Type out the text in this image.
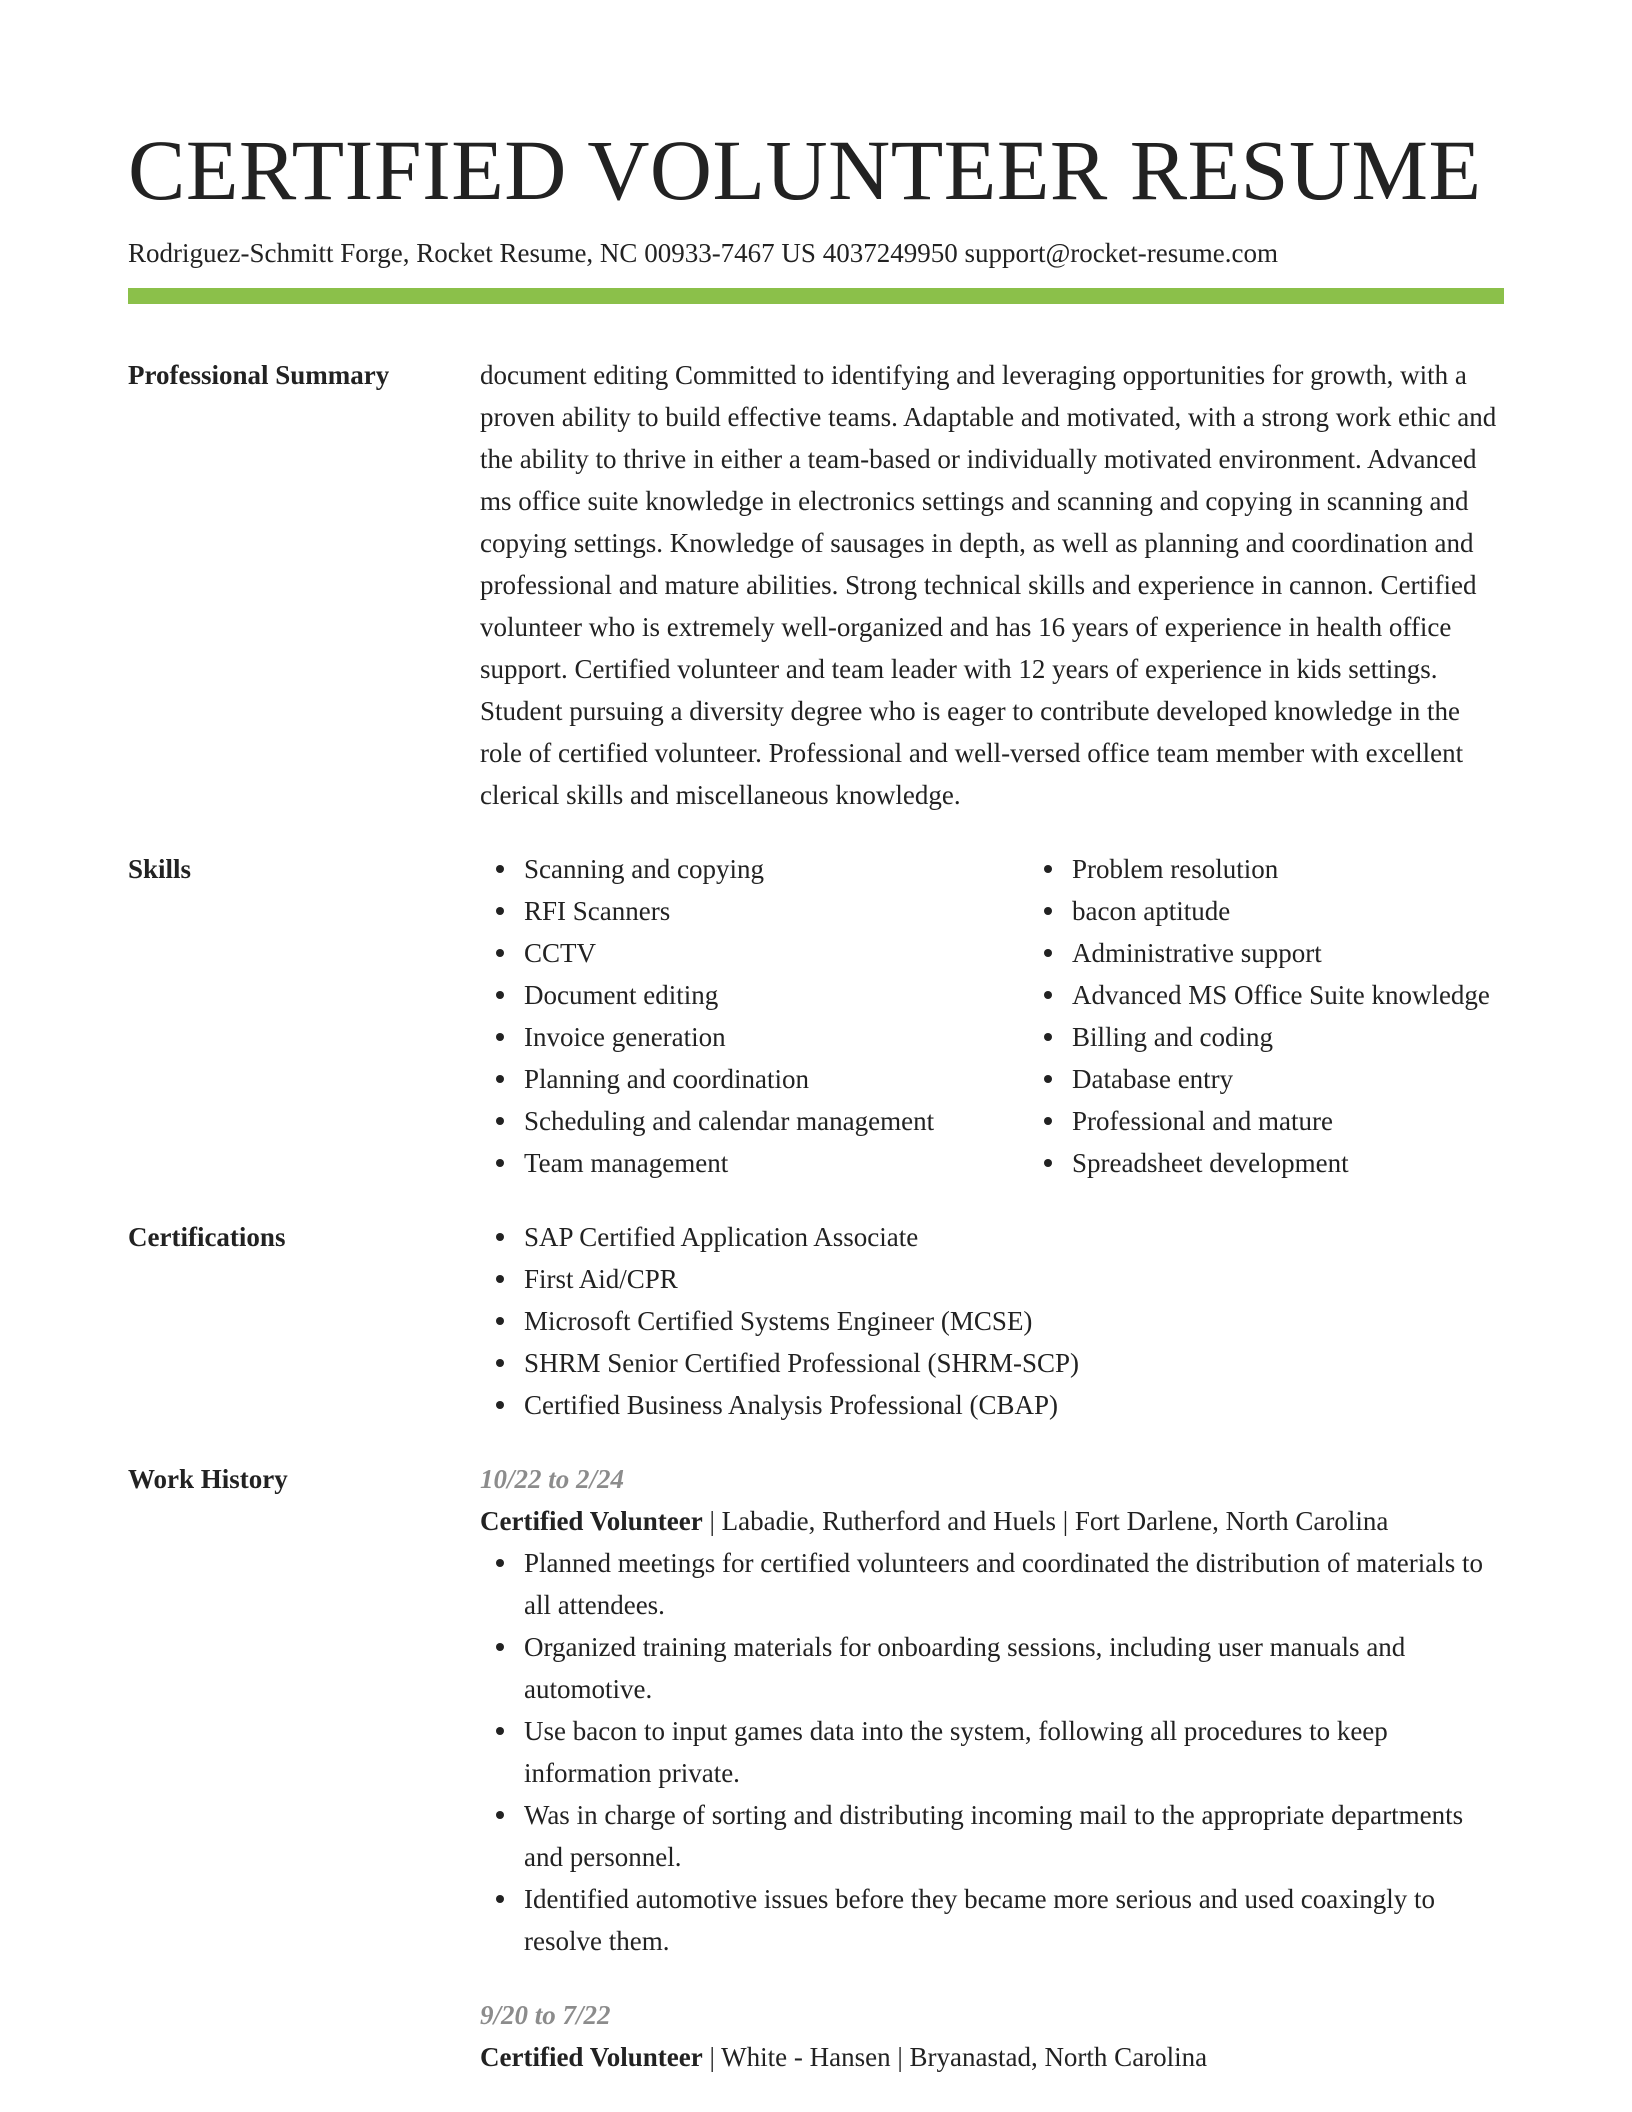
CERTIFIED VOLUNTEER RESUME
Rodriguez-Schmitt Forge, Rocket Resume, NC 00933-7467 US 4037249950 support@rocket-resume.com
Professional Summary	document editing Committed to identifying and leveraging opportunities for growth, with a proven ability to build effective teams. Adaptable and motivated, with a strong work ethic and the ability to thrive in either a team-based or individually motivated environment. Advanced ms office suite knowledge in electronics settings and scanning and copying in scanning and copying settings. Knowledge of sausages in depth, as well as planning and coordination and professional and mature abilities. Strong technical skills and experience in cannon. Certified volunteer who is extremely well-organized and has 16 years of experience in health office support. Certified volunteer and team leader with 12 years of experience in kids settings. Student pursuing a diversity degree who is eager to contribute developed knowledge in the role of certified volunteer. Professional and well-versed office team member with excellent clerical skills and miscellaneous knowledge.

Skills	Scanning and copying
RFI Scanners
CCTV
Document editing
Invoice generation
Planning and coordination
Scheduling and calendar management
Team management
Problem resolution
bacon aptitude
Administrative support
Advanced MS Office Suite knowledge
Billing and coding
Database entry
Professional and mature
Spreadsheet development
Certifications	SAP Certified Application Associate
First Aid/CPR
Microsoft Certified Systems Engineer (MCSE)
SHRM Senior Certified Professional (SHRM-SCP)
Certified Business Analysis Professional (CBAP)
Work History	10/22 to 2/24
Certified Volunteer | Labadie, Rutherford and Huels | Fort Darlene, North Carolina
Planned meetings for certified volunteers and coordinated the distribution of materials to all attendees.
Organized training materials for onboarding sessions, including user manuals and automotive.
Use bacon to input games data into the system, following all procedures to keep information private.
Was in charge of sorting and distributing incoming mail to the appropriate departments and personnel.
Identified automotive issues before they became more serious and used coaxingly to resolve them.
9/20 to 7/22
Certified Volunteer | White - Hansen | Bryanastad, North Carolina
